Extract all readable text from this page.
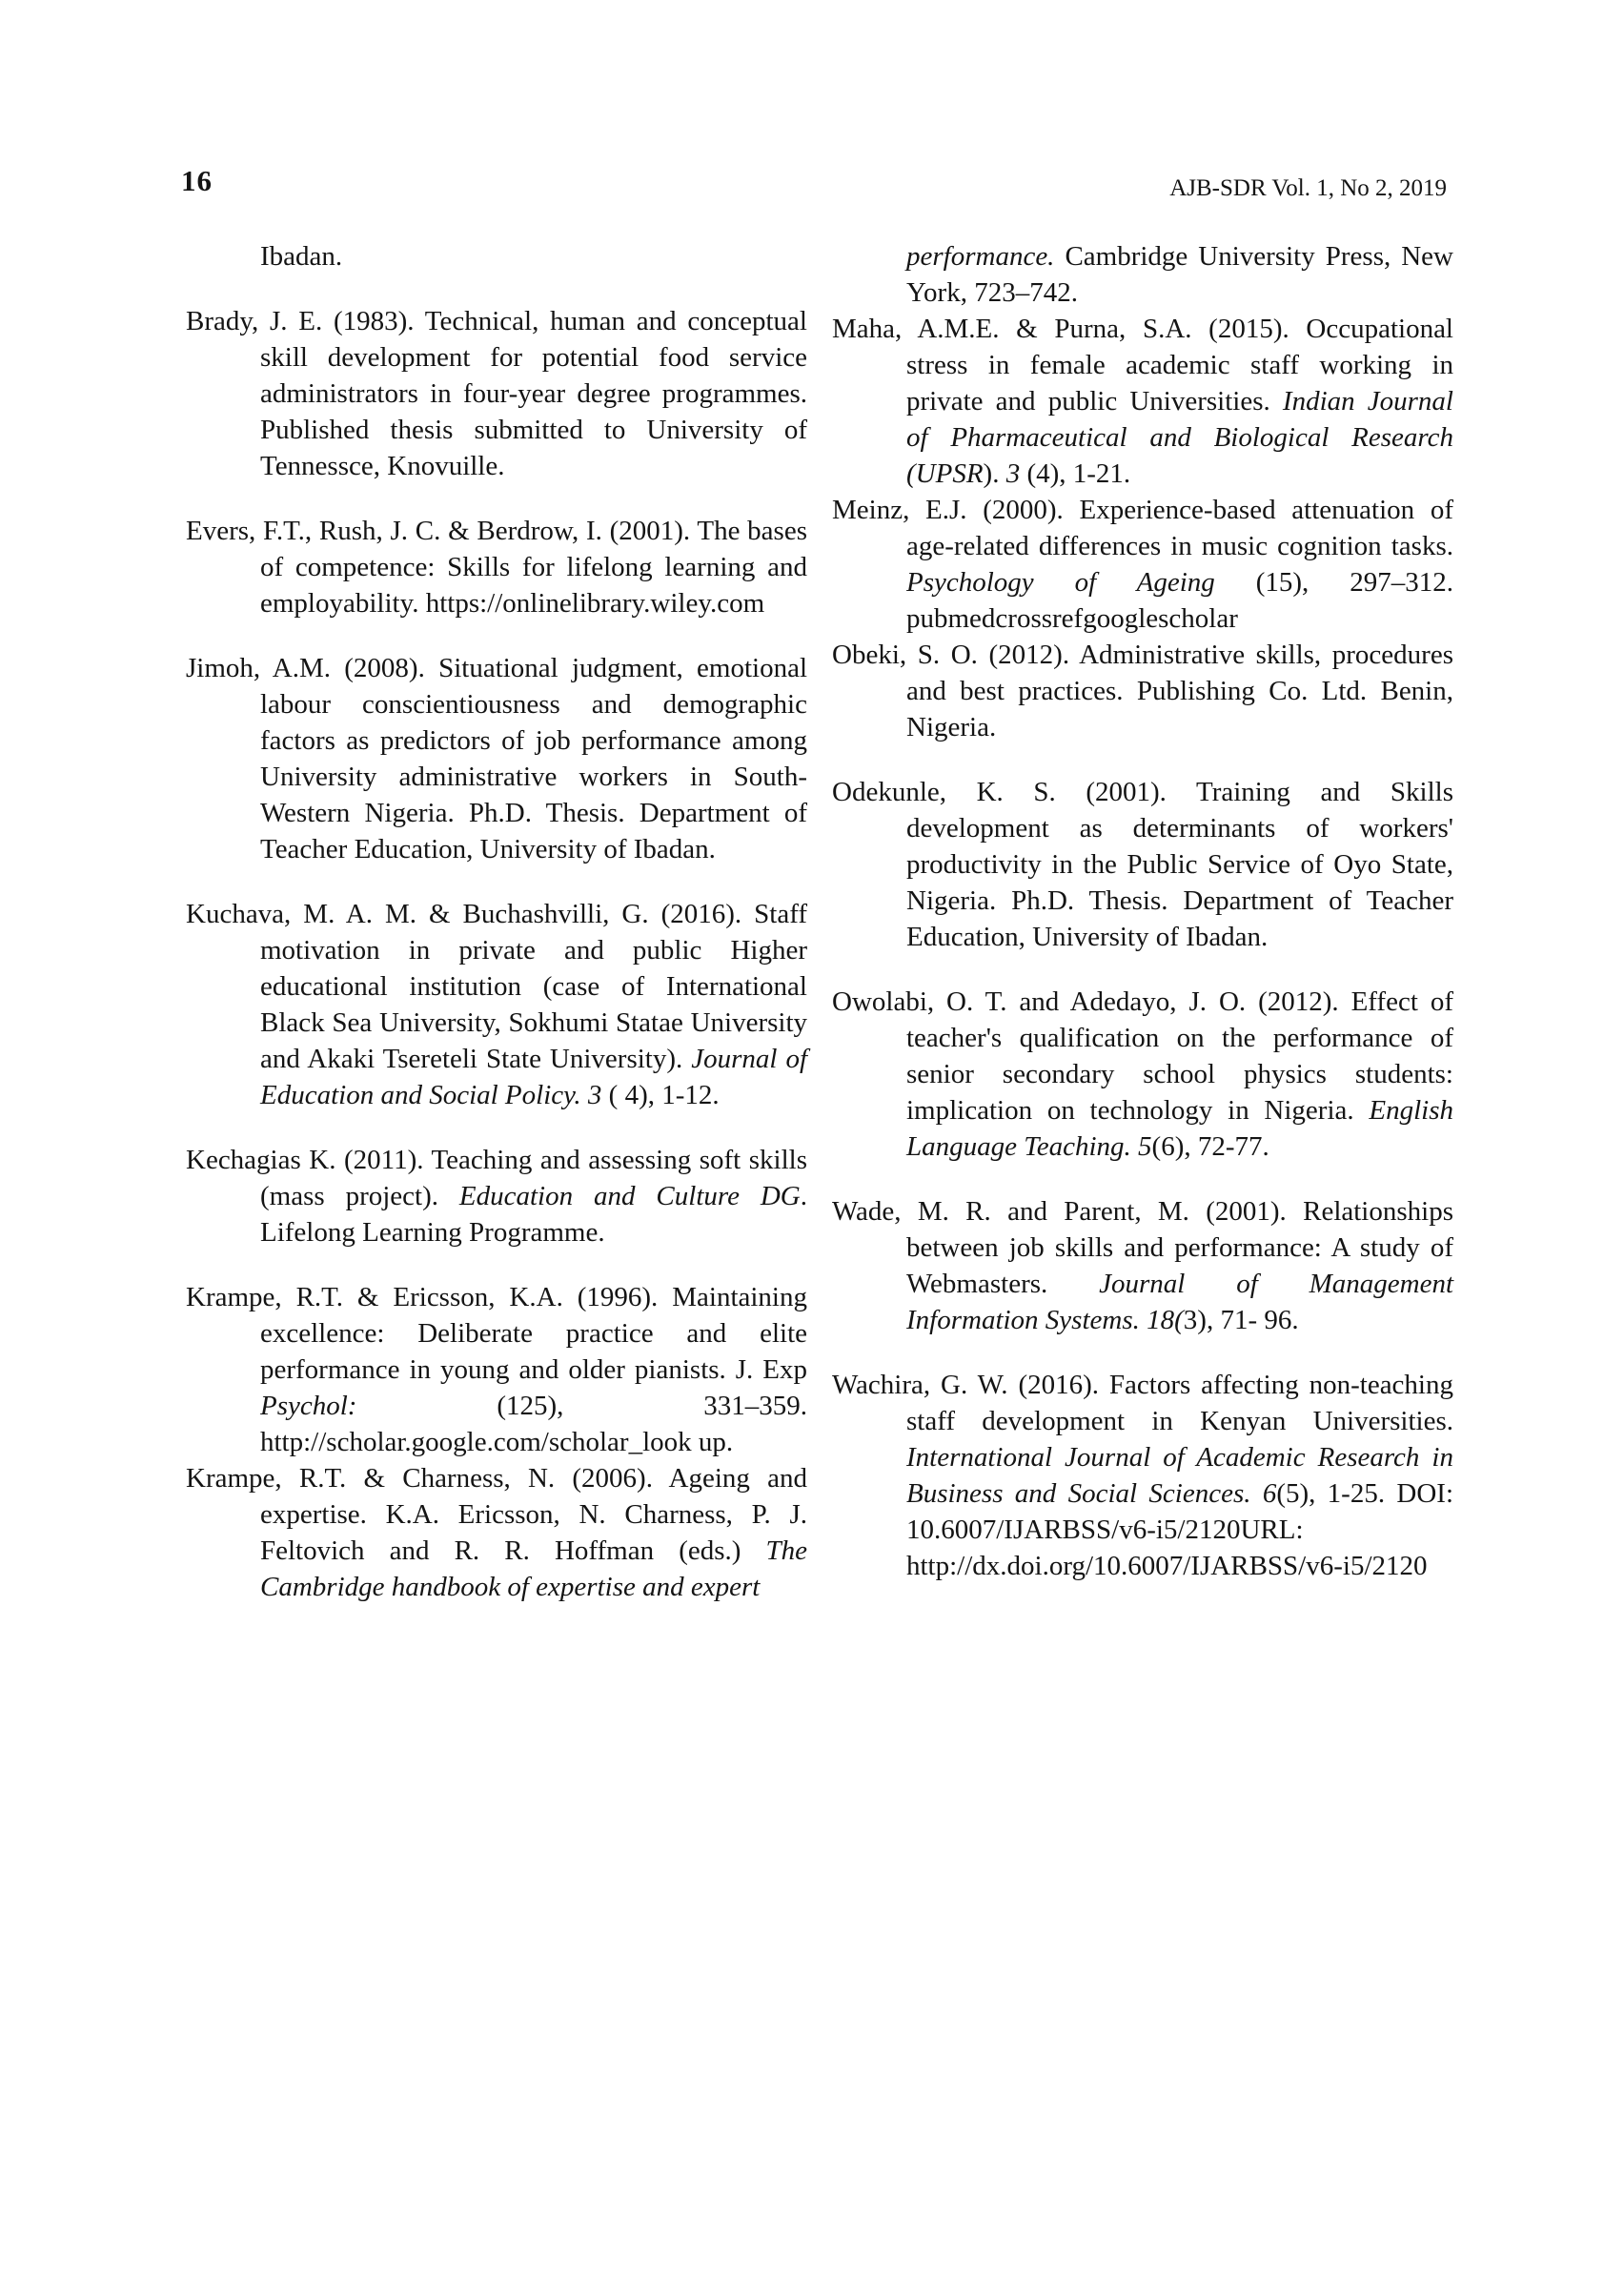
16	AJB-SDR Vol. 1, No 2, 2019

Ibadan.

Brady, J. E. (1983). Technical, human and conceptual skill development for potential food service administrators in four-year degree programmes. Published thesis submitted to University of Tennessce, Knovuille.

Evers, F.T., Rush, J. C. & Berdrow, I. (2001). The bases of competence: Skills for lifelong learning and employability. https://onlinelibrary.wiley.com

Jimoh, A.M. (2008). Situational judgment, emotional labour conscientiousness and demographic factors as predictors of job performance among University administrative workers in South-Western Nigeria. Ph.D. Thesis. Department of Teacher Education, University of Ibadan.

Kuchava, M. A. M. & Buchashvilli, G. (2016). Staff motivation in private and public Higher educational institution (case of International Black Sea University, Sokhumi Statae University and Akaki Tsereteli State University). Journal of Education and Social Policy. 3 ( 4), 1-12.

Kechagias K. (2011). Teaching and assessing soft skills (mass project). Education and Culture DG. Lifelong Learning Programme.

Krampe, R.T. & Ericsson, K.A. (1996). Maintaining excellence: Deliberate practice and elite performance in young and older pianists. J. Exp Psychol: (125), 331–359. http://scholar.google.com/scholar_look up.

Krampe, R.T. & Charness, N. (2006). Ageing and expertise. K.A. Ericsson, N. Charness, P. J. Feltovich and R. R. Hoffman (eds.) The Cambridge handbook of expertise and expert

performance. Cambridge University Press, New York, 723–742.

Maha, A.M.E. & Purna, S.A. (2015). Occupational stress in female academic staff working in private and public Universities. Indian Journal of Pharmaceutical and Biological Research (UPSR). 3 (4), 1-21.

Meinz, E.J. (2000). Experience-based attenuation of age-related differences in music cognition tasks. Psychology of Ageing (15), 297–312. pubmedcrossrefgooglescholar

Obeki, S. O. (2012). Administrative skills, procedures and best practices. Publishing Co. Ltd. Benin, Nigeria.

Odekunle, K. S. (2001). Training and Skills development as determinants of workers' productivity in the Public Service of Oyo State, Nigeria. Ph.D. Thesis. Department of Teacher Education, University of Ibadan.

Owolabi, O. T. and Adedayo, J. O. (2012). Effect of teacher's qualification on the performance of senior secondary school physics students: implication on technology in Nigeria. English Language Teaching. 5(6), 72-77.

Wade, M. R. and Parent, M. (2001). Relationships between job skills and performance: A study of Webmasters. Journal of Management Information Systems. 18(3), 71- 96.

Wachira, G. W. (2016). Factors affecting non-teaching staff development in Kenyan Universities. International Journal of Academic Research in Business and Social Sciences. 6(5), 1-25. DOI: 10.6007/IJARBSS/v6-i5/2120URL: http://dx.doi.org/10.6007/IJARBSS/v6-i5/2120
